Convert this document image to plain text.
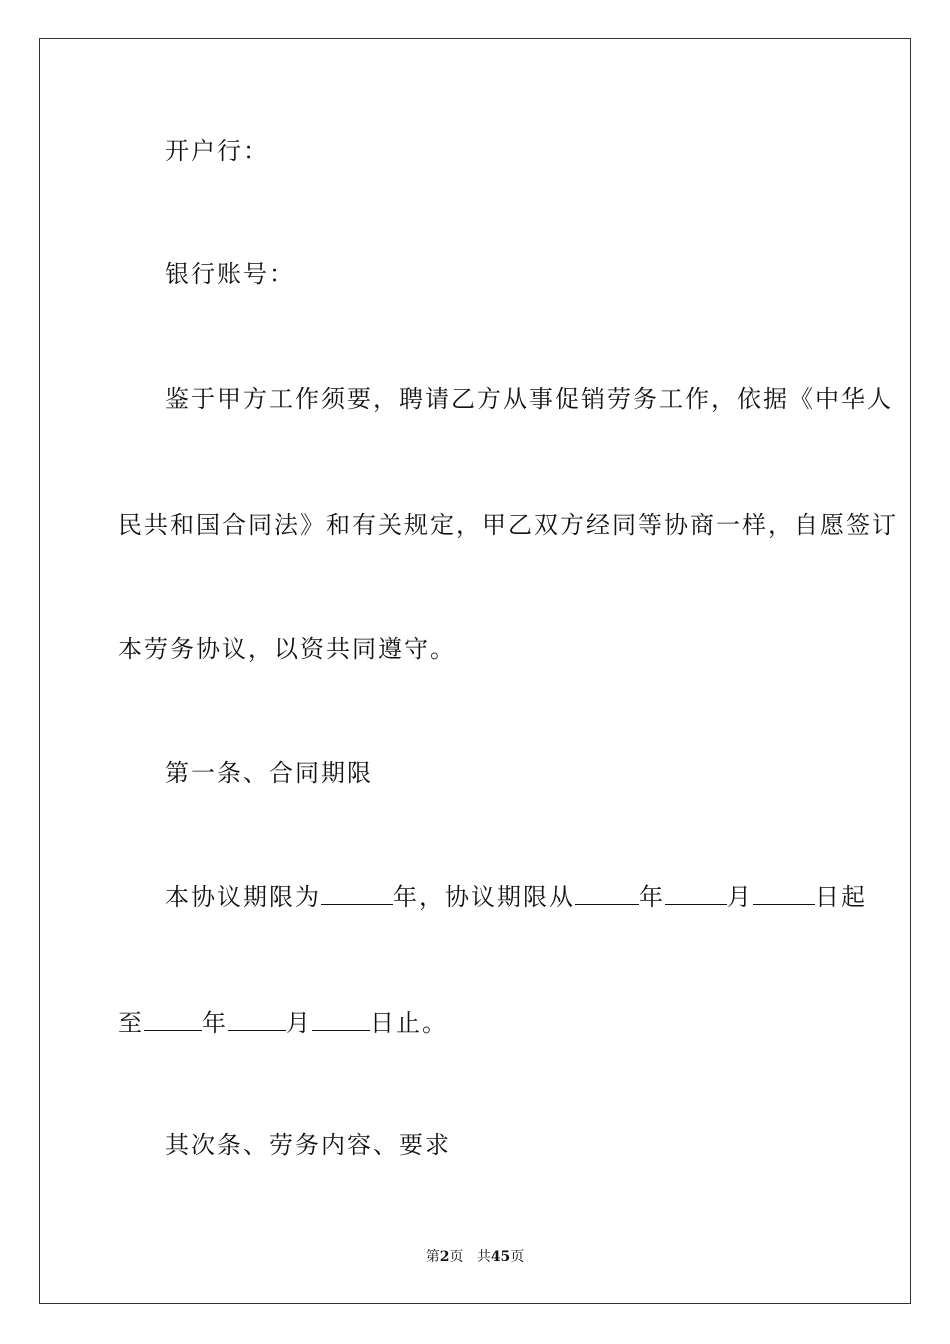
开户行：
银行账号：
鉴于甲方工作须要，聘请乙方从事促销劳务工作，依据《中华人
民共和国合同法》和有关规定，甲乙双方经同等协商一样，自愿签订
本劳务协议，以资共同遵守。
第一条、合同期限
本协议期限为	年，协议期限从	年	月	日起
至 年 月 日止。
其次条、劳务内容、要求
第2页 共45页
